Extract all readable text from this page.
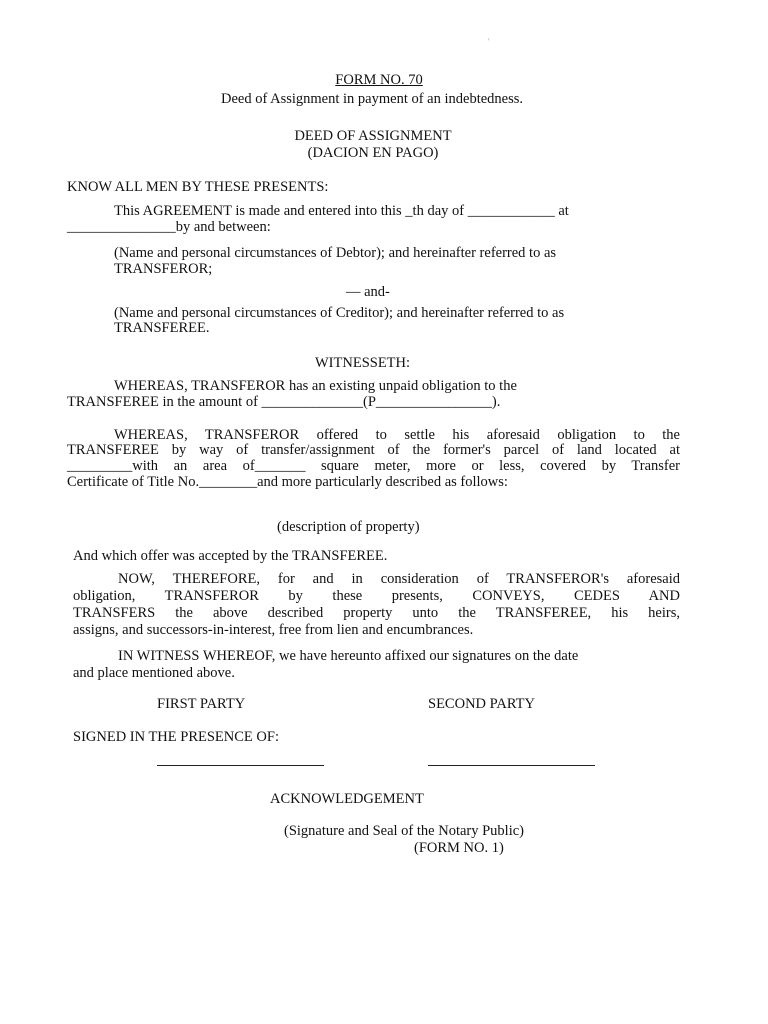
'

FORM NO. 70

Deed of Assignment in payment of an indebtedness.

DEED OF ASSIGNMENT

(DACION EN PAGO)

KNOW ALL MEN BY THESE PRESENTS:

This AGREEMENT is made and entered into this _th day of ____________ at

_______________by and between:

(Name and personal circumstances of Debtor); and hereinafter referred to as

TRANSFEROR;

— and-

(Name and personal circumstances of Creditor); and hereinafter referred to as

TRANSFEREE.

WITNESSETH:

WHEREAS, TRANSFEROR has an existing unpaid obligation to the

TRANSFEREE in the amount of ______________(P________________).

WHEREAS, TRANSFEROR offered to settle his aforesaid obligation to the

TRANSFEREE by way of transfer/assignment of the former's parcel of land located at

_________with an area of_______ square meter, more or less, covered by Transfer

Certificate of Title No.________and more particularly described as follows:

(description of property)

And which offer was accepted by the TRANSFEREE.

NOW, THEREFORE, for and in consideration of TRANSFEROR's aforesaid

obligation, TRANSFEROR by these presents, CONVEYS, CEDES AND

TRANSFERS the above described property unto the TRANSFEREE, his heirs,

assigns, and successors-in-interest, free from lien and encumbrances.

IN WITNESS WHEREOF, we have hereunto affixed our signatures on the date

and place mentioned above.

FIRST PARTY	SECOND PARTY

SIGNED IN THE PRESENCE OF:

ACKNOWLEDGEMENT

(Signature and Seal of the Notary Public)

(FORM NO. 1)
